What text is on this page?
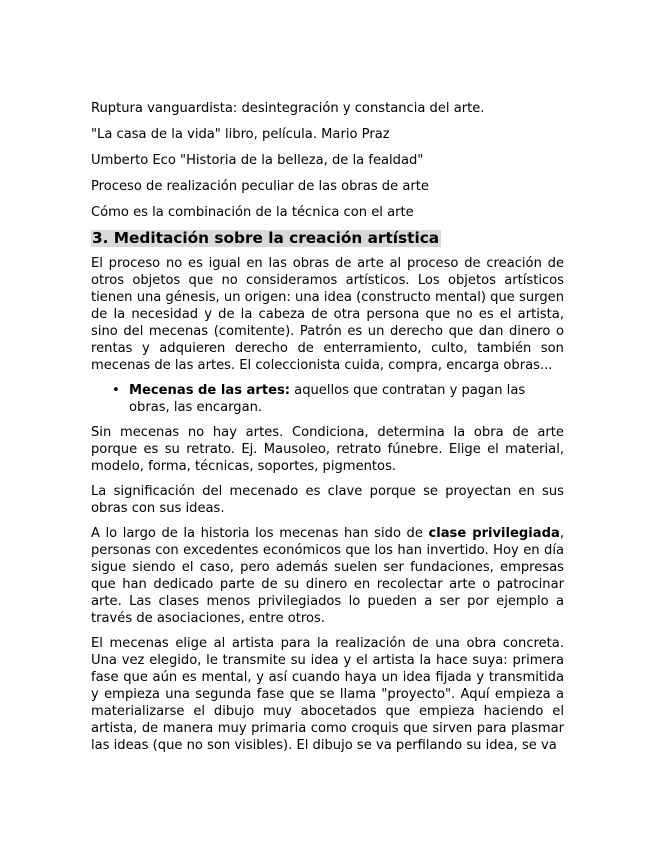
Ruptura vanguardista: desintegración y constancia del arte.

"La casa de la vida" libro, película. Mario Praz

Umberto Eco "Historia de la belleza, de la fealdad"

Proceso de realización peculiar de las obras de arte

Cómo es la combinación de la técnica con el arte

3. Meditación sobre la creación artística

El proceso no es igual en las obras de arte al proceso de creación de otros objetos que no consideramos artísticos. Los objetos artísticos tienen una génesis, un origen: una idea (constructo mental) que surgen de la necesidad y de la cabeza de otra persona que no es el artista, sino del mecenas (comitente). Patrón es un derecho que dan dinero o rentas y adquieren derecho de enterramiento, culto, también son mecenas de las artes. El coleccionista cuida, compra, encarga obras...

• Mecenas de las artes: aquellos que contratan y pagan las obras, las encargan.

Sin mecenas no hay artes. Condiciona, determina la obra de arte porque es su retrato. Ej. Mausoleo, retrato fúnebre. Elige el material, modelo, forma, técnicas, soportes, pigmentos.

La significación del mecenado es clave porque se proyectan en sus obras con sus ideas.

A lo largo de la historia los mecenas han sido de clase privilegiada, personas con excedentes económicos que los han invertido. Hoy en día sigue siendo el caso, pero además suelen ser fundaciones, empresas que han dedicado parte de su dinero en recolectar arte o patrocinar arte. Las clases menos privilegiados lo pueden a ser por ejemplo a través de asociaciones, entre otros.

El mecenas elige al artista para la realización de una obra concreta. Una vez elegido, le transmite su idea y el artista la hace suya: primera fase que aún es mental, y así cuando haya un idea fijada y transmitida y empieza una segunda fase que se llama "proyecto". Aquí empieza a materializarse el dibujo muy abocetados que empieza haciendo el artista, de manera muy primaria como croquis que sirven para plasmar las ideas (que no son visibles). El dibujo se va perfilando su idea, se va
